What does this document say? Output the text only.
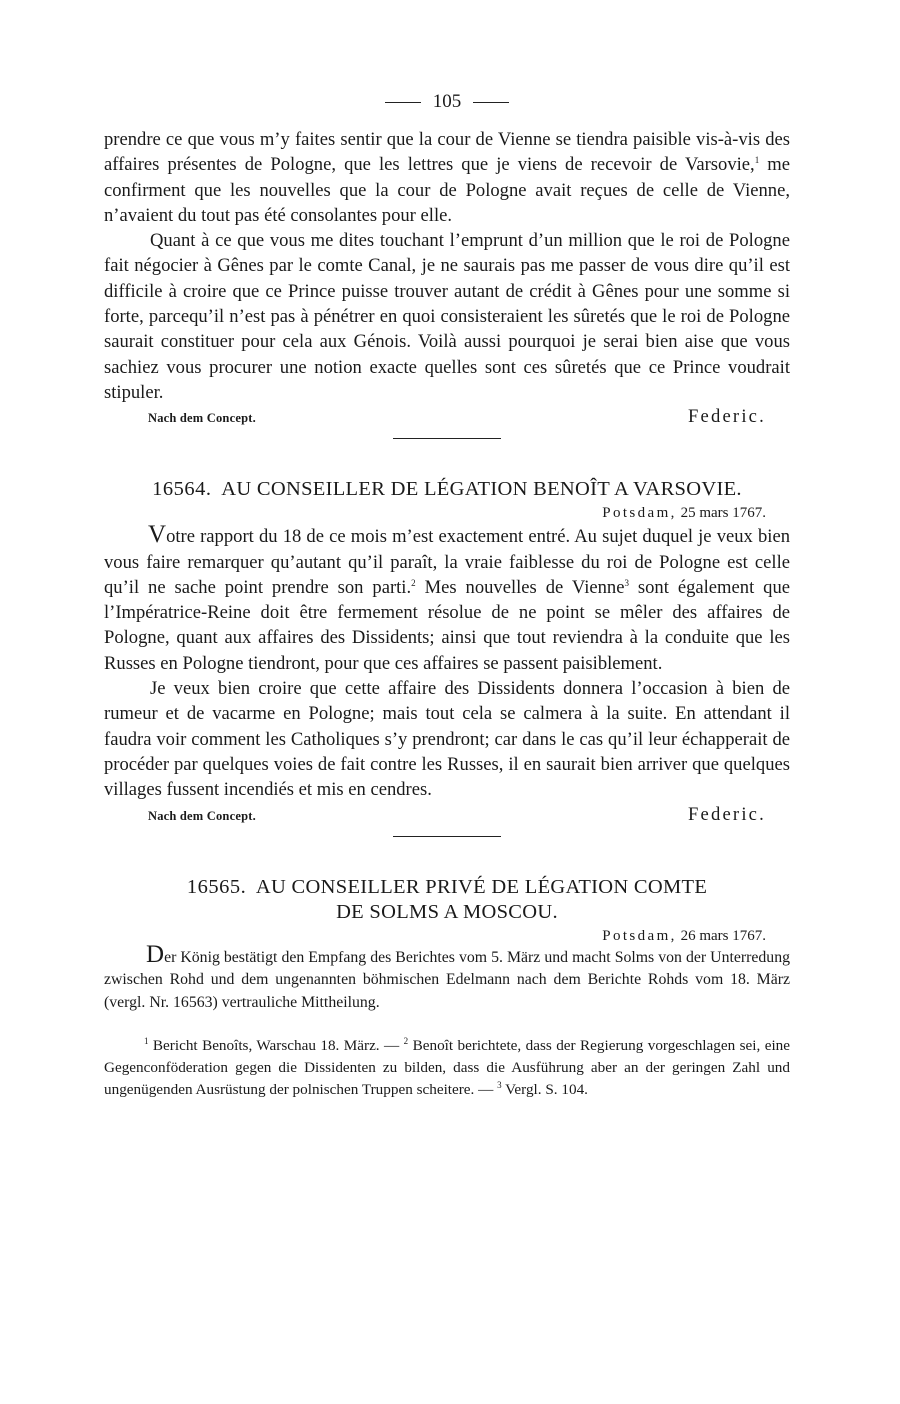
105

prendre ce que vous m’y faites sentir que la cour de Vienne se tiendra paisible vis-à-vis des affaires présentes de Pologne, que les lettres que je viens de recevoir de Varsovie,$^1$ me confirment que les nouvelles que la cour de Pologne avait reçues de celle de Vienne, n’avaient du tout pas été consolantes pour elle.

Quant à ce que vous me dites touchant l’emprunt d’un million que le roi de Pologne fait négocier à Gênes par le comte Canal, je ne saurais pas me passer de vous dire qu’il est difficile à croire que ce Prince puisse trouver autant de crédit à Gênes pour une somme si forte, parcequ’il n’est pas à pénétrer en quoi consisteraient les sûretés que le roi de Pologne saurait constituer pour cela aux Génois. Voilà aussi pourquoi je serai bien aise que vous sachiez vous procurer une notion exacte quelles sont ces sûretés que ce Prince voudrait stipuler.

Nach dem Concept.	Federic.
16564. AU CONSEILLER DE LÉGATION BENOÎT A VARSOVIE.
Potsdam, 25 mars 1767.

Votre rapport du 18 de ce mois m’est exactement entré. Au sujet duquel je veux bien vous faire remarquer qu’autant qu’il paraît, la vraie faiblesse du roi de Pologne est celle qu’il ne sache point prendre son parti.$^2$ Mes nouvelles de Vienne$^3$ sont également que l’Impératrice-Reine doit être fermement résolue de ne point se mêler des affaires de Pologne, quant aux affaires des Dissidents; ainsi que tout reviendra à la conduite que les Russes en Pologne tiendront, pour que ces affaires se passent paisiblement.

Je veux bien croire que cette affaire des Dissidents donnera l’occasion à bien de rumeur et de vacarme en Pologne; mais tout cela se calmera à la suite. En attendant il faudra voir comment les Catholiques s’y prendront; car dans le cas qu’il leur échapperait de procéder par quelques voies de fait contre les Russes, il en saurait bien arriver que quelques villages fussent incendiés et mis en cendres.

Nach dem Concept.	Federic.
16565. AU CONSEILLER PRIVÉ DE LÉGATION COMTE
DE SOLMS A MOSCOU.
Potsdam, 26 mars 1767.

Der König bestätigt den Empfang des Berichtes vom 5. März und macht Solms von der Unterredung zwischen Rohd und dem ungenannten böhmischen Edelmann nach dem Berichte Rohds vom 18. März (vergl. Nr. 16563) vertrauliche Mittheilung.

$^1$ Bericht Benoîts, Warschau 18. März. — $^2$ Benoît berichtete, dass der Regierung vorgeschlagen sei, eine Gegenconföderation gegen die Dissidenten zu bilden, dass die Ausführung aber an der geringen Zahl und ungenügenden Ausrüstung der polnischen Truppen scheitere. — $^3$ Vergl. S. 104.
